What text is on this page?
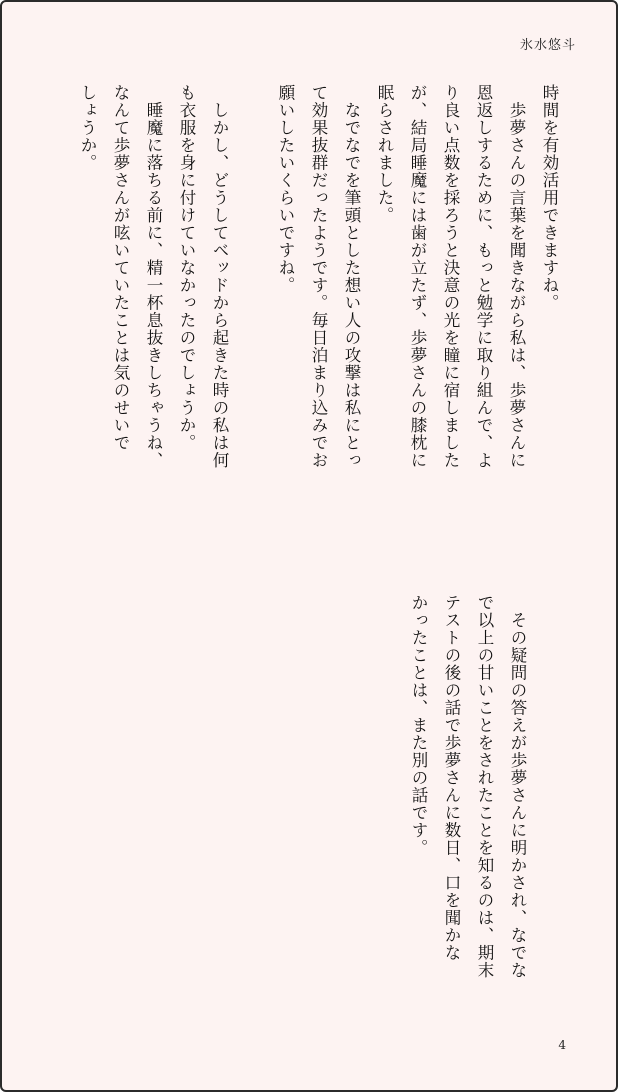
氷水悠斗
時間を有効活用できますね。
　歩夢さんの言葉を聞きながら私は、歩夢さんに
恩返しするために、もっと勉学に取り組んで、よ
り良い点数を採ろうと決意の光を瞳に宿しました
が、結局睡魔には歯が立たず、歩夢さんの膝枕に
眠らされました。
　なでなでを筆頭とした想い人の攻撃は私にとっ
て効果抜群だったようです。毎日泊まり込みでお
願いしたいくらいですね。
　しかし、どうしてベッドから起きた時の私は何
も衣服を身に付けていなかったのでしょうか。
　睡魔に落ちる前に、精一杯息抜きしちゃうね、
なんて歩夢さんが呟いていたことは気のせいで
しょうか。
　その疑問の答えが歩夢さんに明かされ、なでな
で以上の甘いことをされたことを知るのは、期末
テストの後の話で歩夢さんに数日、口を聞かな
かったことは、また別の話です。
4
